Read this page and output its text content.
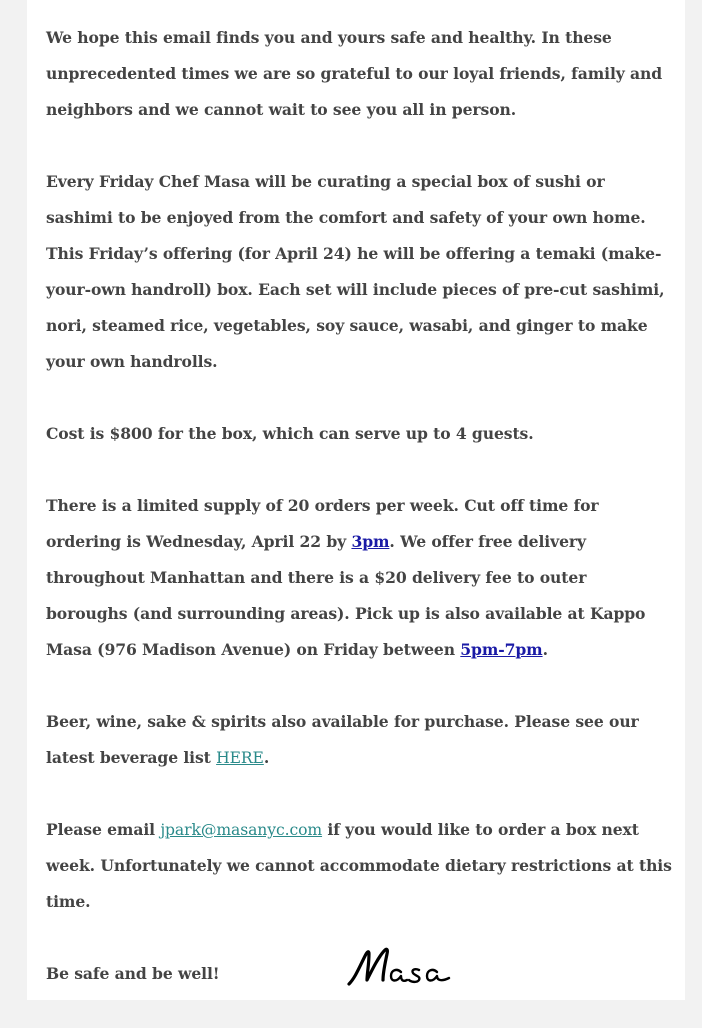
We hope this email finds you and yours safe and healthy. In these unprecedented times we are so grateful to our loyal friends, family and neighbors and we cannot wait to see you all in person.

Every Friday Chef Masa will be curating a special box of sushi or sashimi to be enjoyed from the comfort and safety of your own home. This Friday’s offering (for April 24) he will be offering a temaki (make-your-own handroll) box. Each set will include pieces of pre-cut sashimi, nori, steamed rice, vegetables, soy sauce, wasabi, and ginger to make your own handrolls.

Cost is $800 for the box, which can serve up to 4 guests.

There is a limited supply of 20 orders per week. Cut off time for ordering is Wednesday, April 22 by 3pm. We offer free delivery throughout Manhattan and there is a $20 delivery fee to outer boroughs (and surrounding areas). Pick up is also available at Kappo Masa (976 Madison Avenue) on Friday between 5pm-7pm.

Beer, wine, sake & spirits also available for purchase. Please see our latest beverage list HERE.

Please email jpark@masanyc.com if you would like to order a box next week. Unfortunately we cannot accommodate dietary restrictions at this time.

Be safe and be well!
